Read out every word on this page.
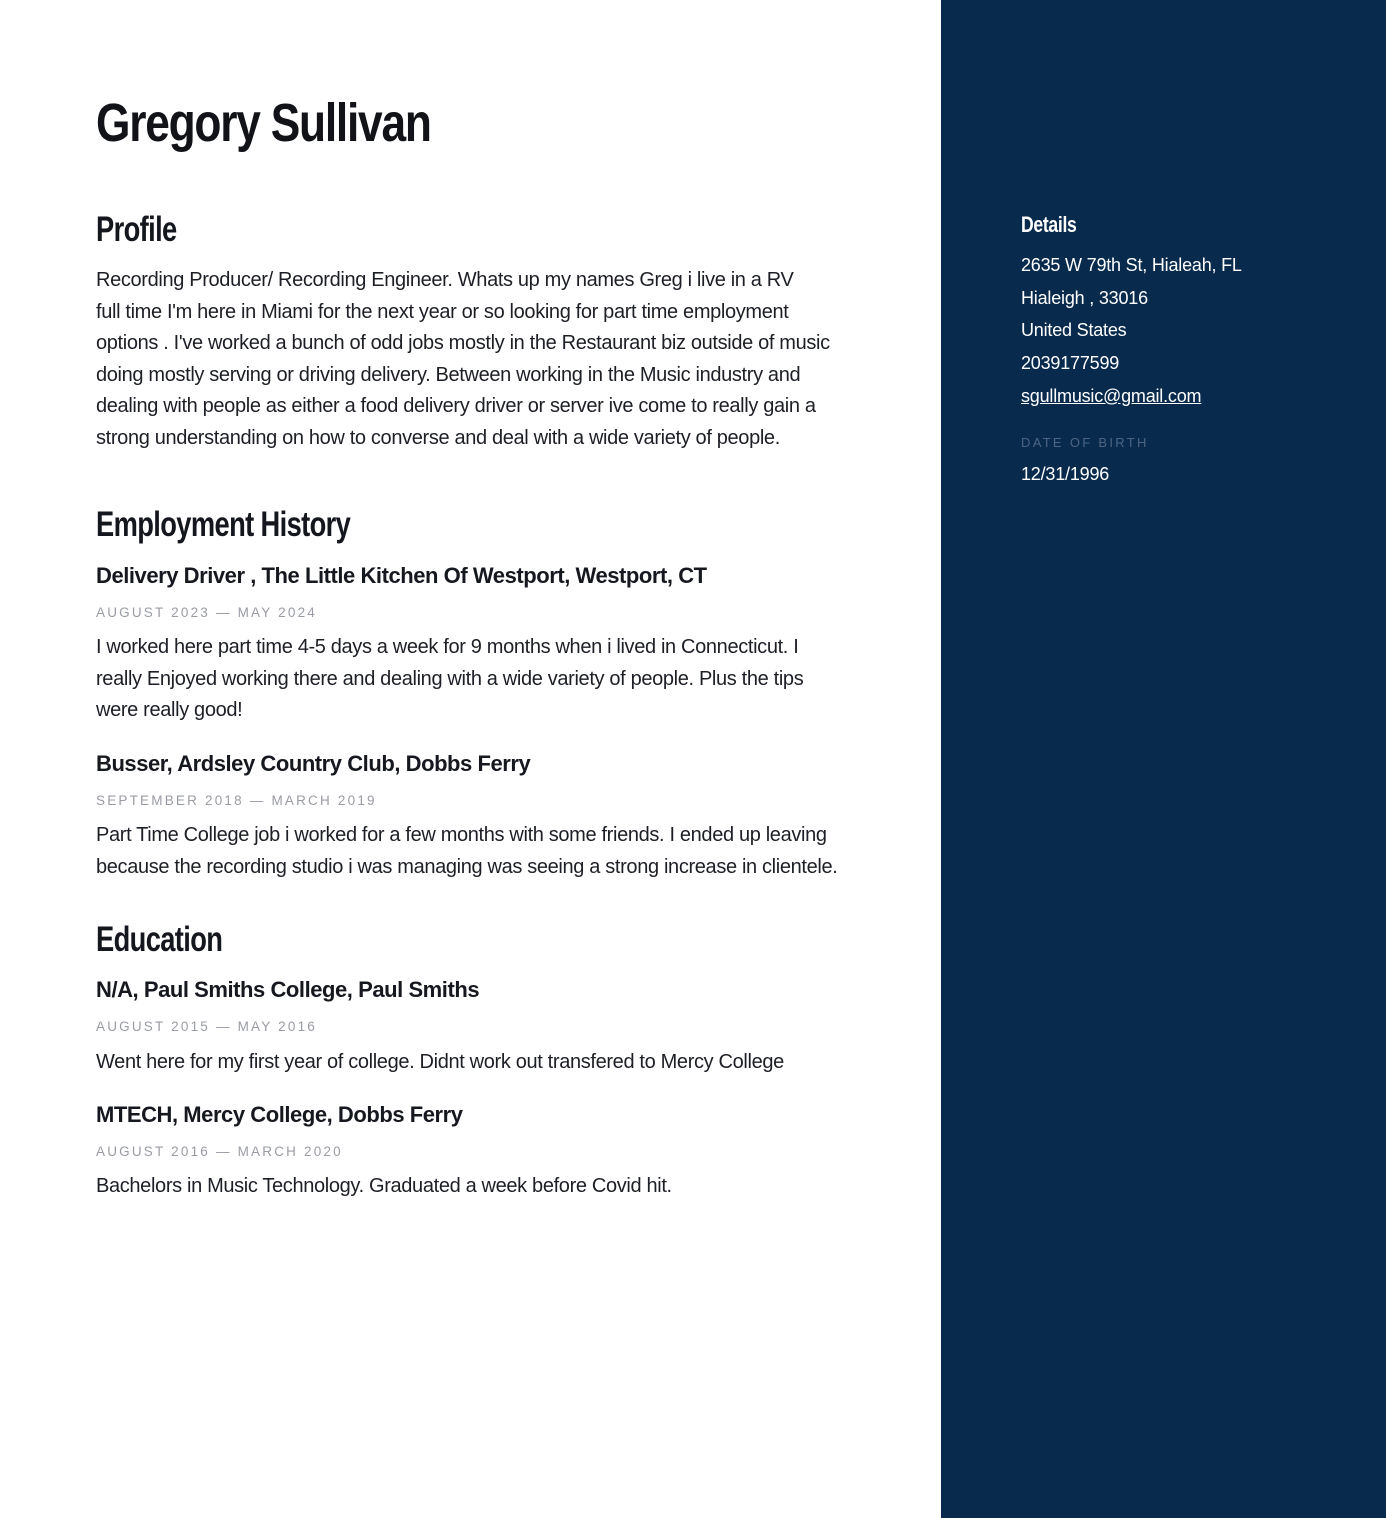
Gregory Sullivan
Profile
Recording Producer/ Recording Engineer. Whats up my names Greg i live in a RV
full time I'm here in Miami for the next year or so looking for part time employment
options . I've worked a bunch of odd jobs mostly in the Restaurant biz outside of music
doing mostly serving or driving delivery. Between working in the Music industry and
dealing with people as either a food delivery driver or server ive come to really gain a
strong understanding on how to converse and deal with a wide variety of people.
Employment History
Delivery Driver , The Little Kitchen Of Westport, Westport, CT
AUGUST 2023 — MAY 2024
I worked here part time 4-5 days a week for 9 months when i lived in Connecticut. I
really Enjoyed working there and dealing with a wide variety of people. Plus the tips
were really good!
Busser, Ardsley Country Club, Dobbs Ferry
SEPTEMBER 2018 — MARCH 2019
Part Time College job i worked for a few months with some friends. I ended up leaving
because the recording studio i was managing was seeing a strong increase in clientele.
Education
N/A, Paul Smiths College, Paul Smiths
AUGUST 2015 — MAY 2016
Went here for my first year of college. Didnt work out transfered to Mercy College
MTECH, Mercy College, Dobbs Ferry
AUGUST 2016 — MARCH 2020
Bachelors in Music Technology. Graduated a week before Covid hit.
Details
2635 W 79th St, Hialeah, FL
Hialeigh , 33016
United States
2039177599
sgullmusic@gmail.com
DATE OF BIRTH
12/31/1996
